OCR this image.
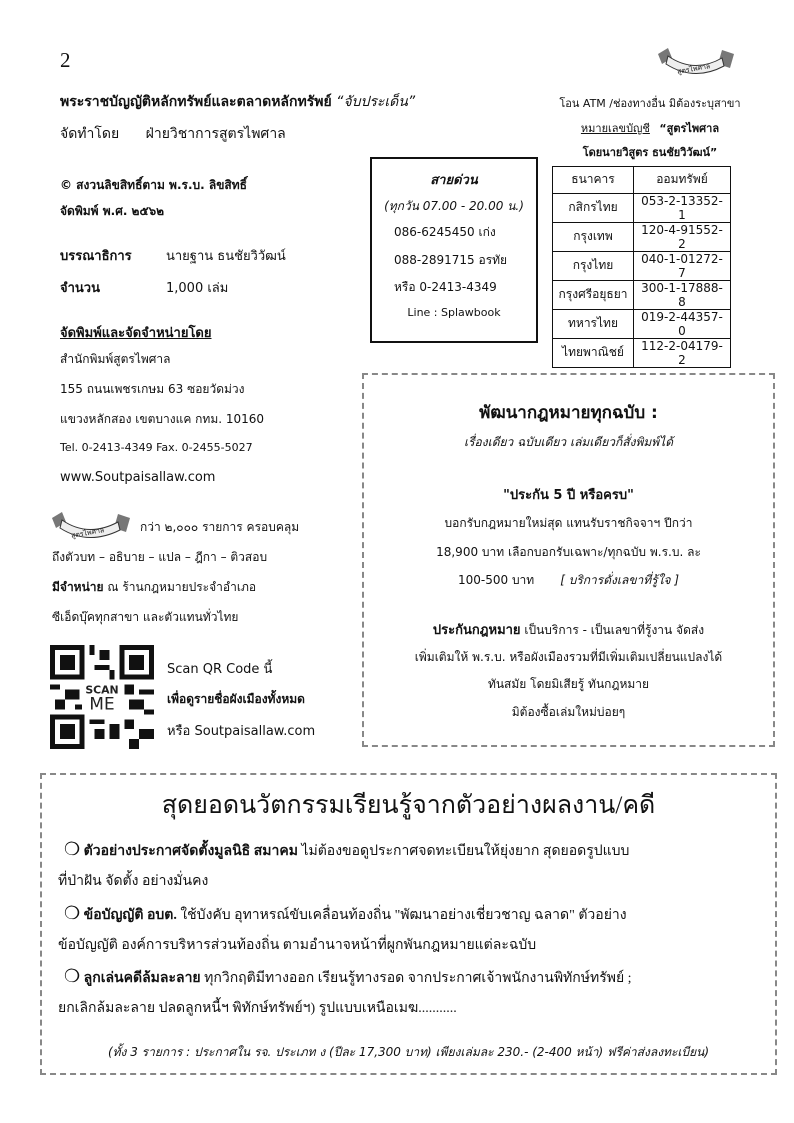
2
พระราชบัญญัติหลักทรัพย์และตลาดหลักทรัพย์ “จับประเด็น”
จัดทำโดย ฝ่ายวิชาการสูตรไพศาล
© สงวนลิขสิทธิ์ตาม พ.ร.บ. ลิขสิทธิ์
จัดพิมพ์ พ.ศ. ๒๕๖๒
บรรณาธิการ	นายฐาน ธนชัยวิวัฒน์
จำนวน	1,000 เล่ม
จัดพิมพ์และจัดจำหน่ายโดย
สำนักพิมพ์สูตรไพศาล
155 ถนนเพชรเกษม 63 ซอยวัดม่วง
แขวงหลักสอง เขตบางแค กทม. 10160
Tel. 0-2413-4349 Fax. 0-2455-5027
www.Soutpaisallaw.com
สูตรไพศาล	กว่า ๒,๐๐๐ รายการ ครอบคลุม
ถึงตัวบท – อธิบาย – แปล – ฎีกา – ติวสอบ
มีจำหน่าย ณ ร้านกฎหมายประจำอำเภอ
ซีเอ็ดบุ๊คทุกสาขา และตัวแทนทั่วไทย
SCAN
ME
Scan QR Code นี้
เพื่อดูรายชื่อผังเมืองทั้งหมด
หรือ Soutpaisallaw.com
สายด่วน
(ทุกวัน 07.00 - 20.00 น.)
086-6245450 เก่ง
088-2891715 อรทัย
หรือ 0-2413-4349
Line : Splawbook
สูตรไพศาล
โอน ATM /ช่องทางอื่น มิต้องระบุสาขา
หมายเลขบัญชี “สูตรไพศาล
โดยนายวิสูตร ธนชัยวิวัฒน์”
ธนาคาร	ออมทรัพย์
กสิกรไทย	053-2-13352-1
กรุงเทพ	120-4-91552-2
กรุงไทย	040-1-01272-7
กรุงศรีอยุธยา	300-1-17888-8
ทหารไทย	019-2-44357-0
ไทยพาณิชย์	112-2-04179-2
พัฒนากฎหมายทุกฉบับ :
เรื่องเดียว ฉบับเดียว เล่มเดียวก็สั่งพิมพ์ได้
"ประกัน 5 ปี หรือครบ"
บอกรับกฎหมายใหม่สุด แทนรับราชกิจจาฯ ปีกว่า
18,900 บาท เลือกบอกรับเฉพาะ/ทุกฉบับ พ.ร.บ. ละ
100-500 บาท [ บริการดั่งเลขาที่รู้ใจ ]
ประกันกฎหมาย เป็นบริการ - เป็นเลขาที่รู้งาน จัดส่ง
เพิ่มเติมให้ พ.ร.บ. หรือผังเมืองรวมที่มีเพิ่มเติมเปลี่ยนแปลงได้
ทันสมัย โดยมิเสียรู้ ทันกฎหมาย
มิต้องซื้อเล่มใหม่บ่อยๆ
สุดยอดนวัตกรรมเรียนรู้จากตัวอย่างผลงาน/คดี
❍ ตัวอย่างประกาศจัดตั้งมูลนิธิ สมาคม ไม่ต้องขอดูประกาศจดทะเบียนให้ยุ่งยาก สุดยอดรูปแบบ
ที่ป่าฝัน จัดตั้ง อย่างมั่นคง
❍ ข้อบัญญัติ อบต. ใช้บังคับ อุทาหรณ์ขับเคลื่อนท้องถิ่น "พัฒนาอย่างเชี่ยวชาญ ฉลาด" ตัวอย่าง
ข้อบัญญัติ องค์การบริหารส่วนท้องถิ่น ตามอำนาจหน้าที่ผูกพันกฎหมายแต่ละฉบับ
❍ ลูกเล่นคดีล้มละลาย ทุกวิกฤติมีทางออก เรียนรู้ทางรอด จากประกาศเจ้าพนักงานพิทักษ์ทรัพย์ ;
ยกเลิกล้มละลาย ปลดลูกหนี้ฯ พิทักษ์ทรัพย์ฯ) รูปแบบเหนือเมฆ...........
(ทั้ง 3 รายการ : ประกาศใน รจ. ประเภท ง (ปีละ 17,300 บาท) เพียงเล่มละ 230.- (2-400 หน้า) ฟรีค่าส่งลงทะเบียน)
